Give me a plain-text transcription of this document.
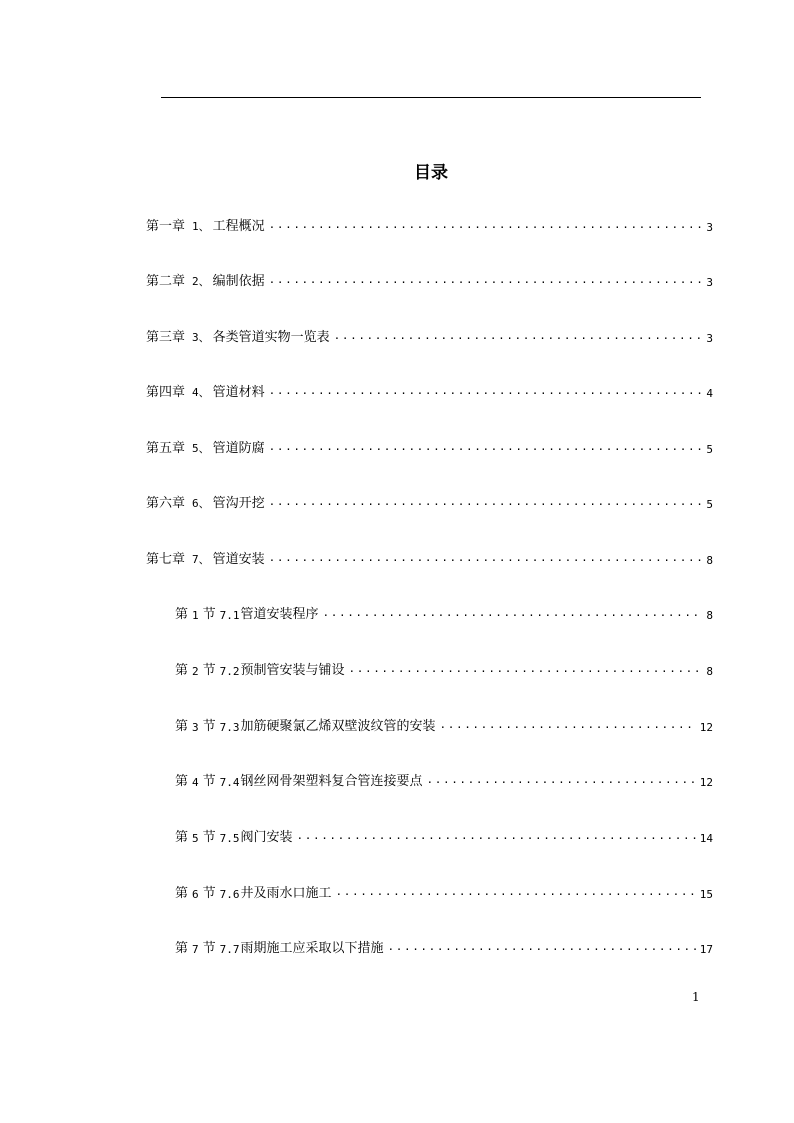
目录
第一章 1、 工程概况 .....	3
第二章 2、 编制依据 .....	3
第三章 3、 各类管道实物一览表 .....	3
第四章 4、 管道材料 .....	4
第五章 5、 管道防腐 .....	5
第六章 6、 管沟开挖 .....	5
第七章 7、 管道安装 .....	8
第 1 节 7.1 管道安装程序 .....	8
第 2 节 7.2 预制管安装与铺设 .....	8
第 3 节 7.3 加筋硬聚氯乙烯双壁波纹管的安装 .....	12
第 4 节 7.4 钢丝网骨架塑料复合管连接要点 .....	12
第 5 节 7.5 阀门安装 .....	14
第 6 节 7.6 井及雨水口施工 .....	15
第 7 节 7.7 雨期施工应采取以下措施 .....	17
1
